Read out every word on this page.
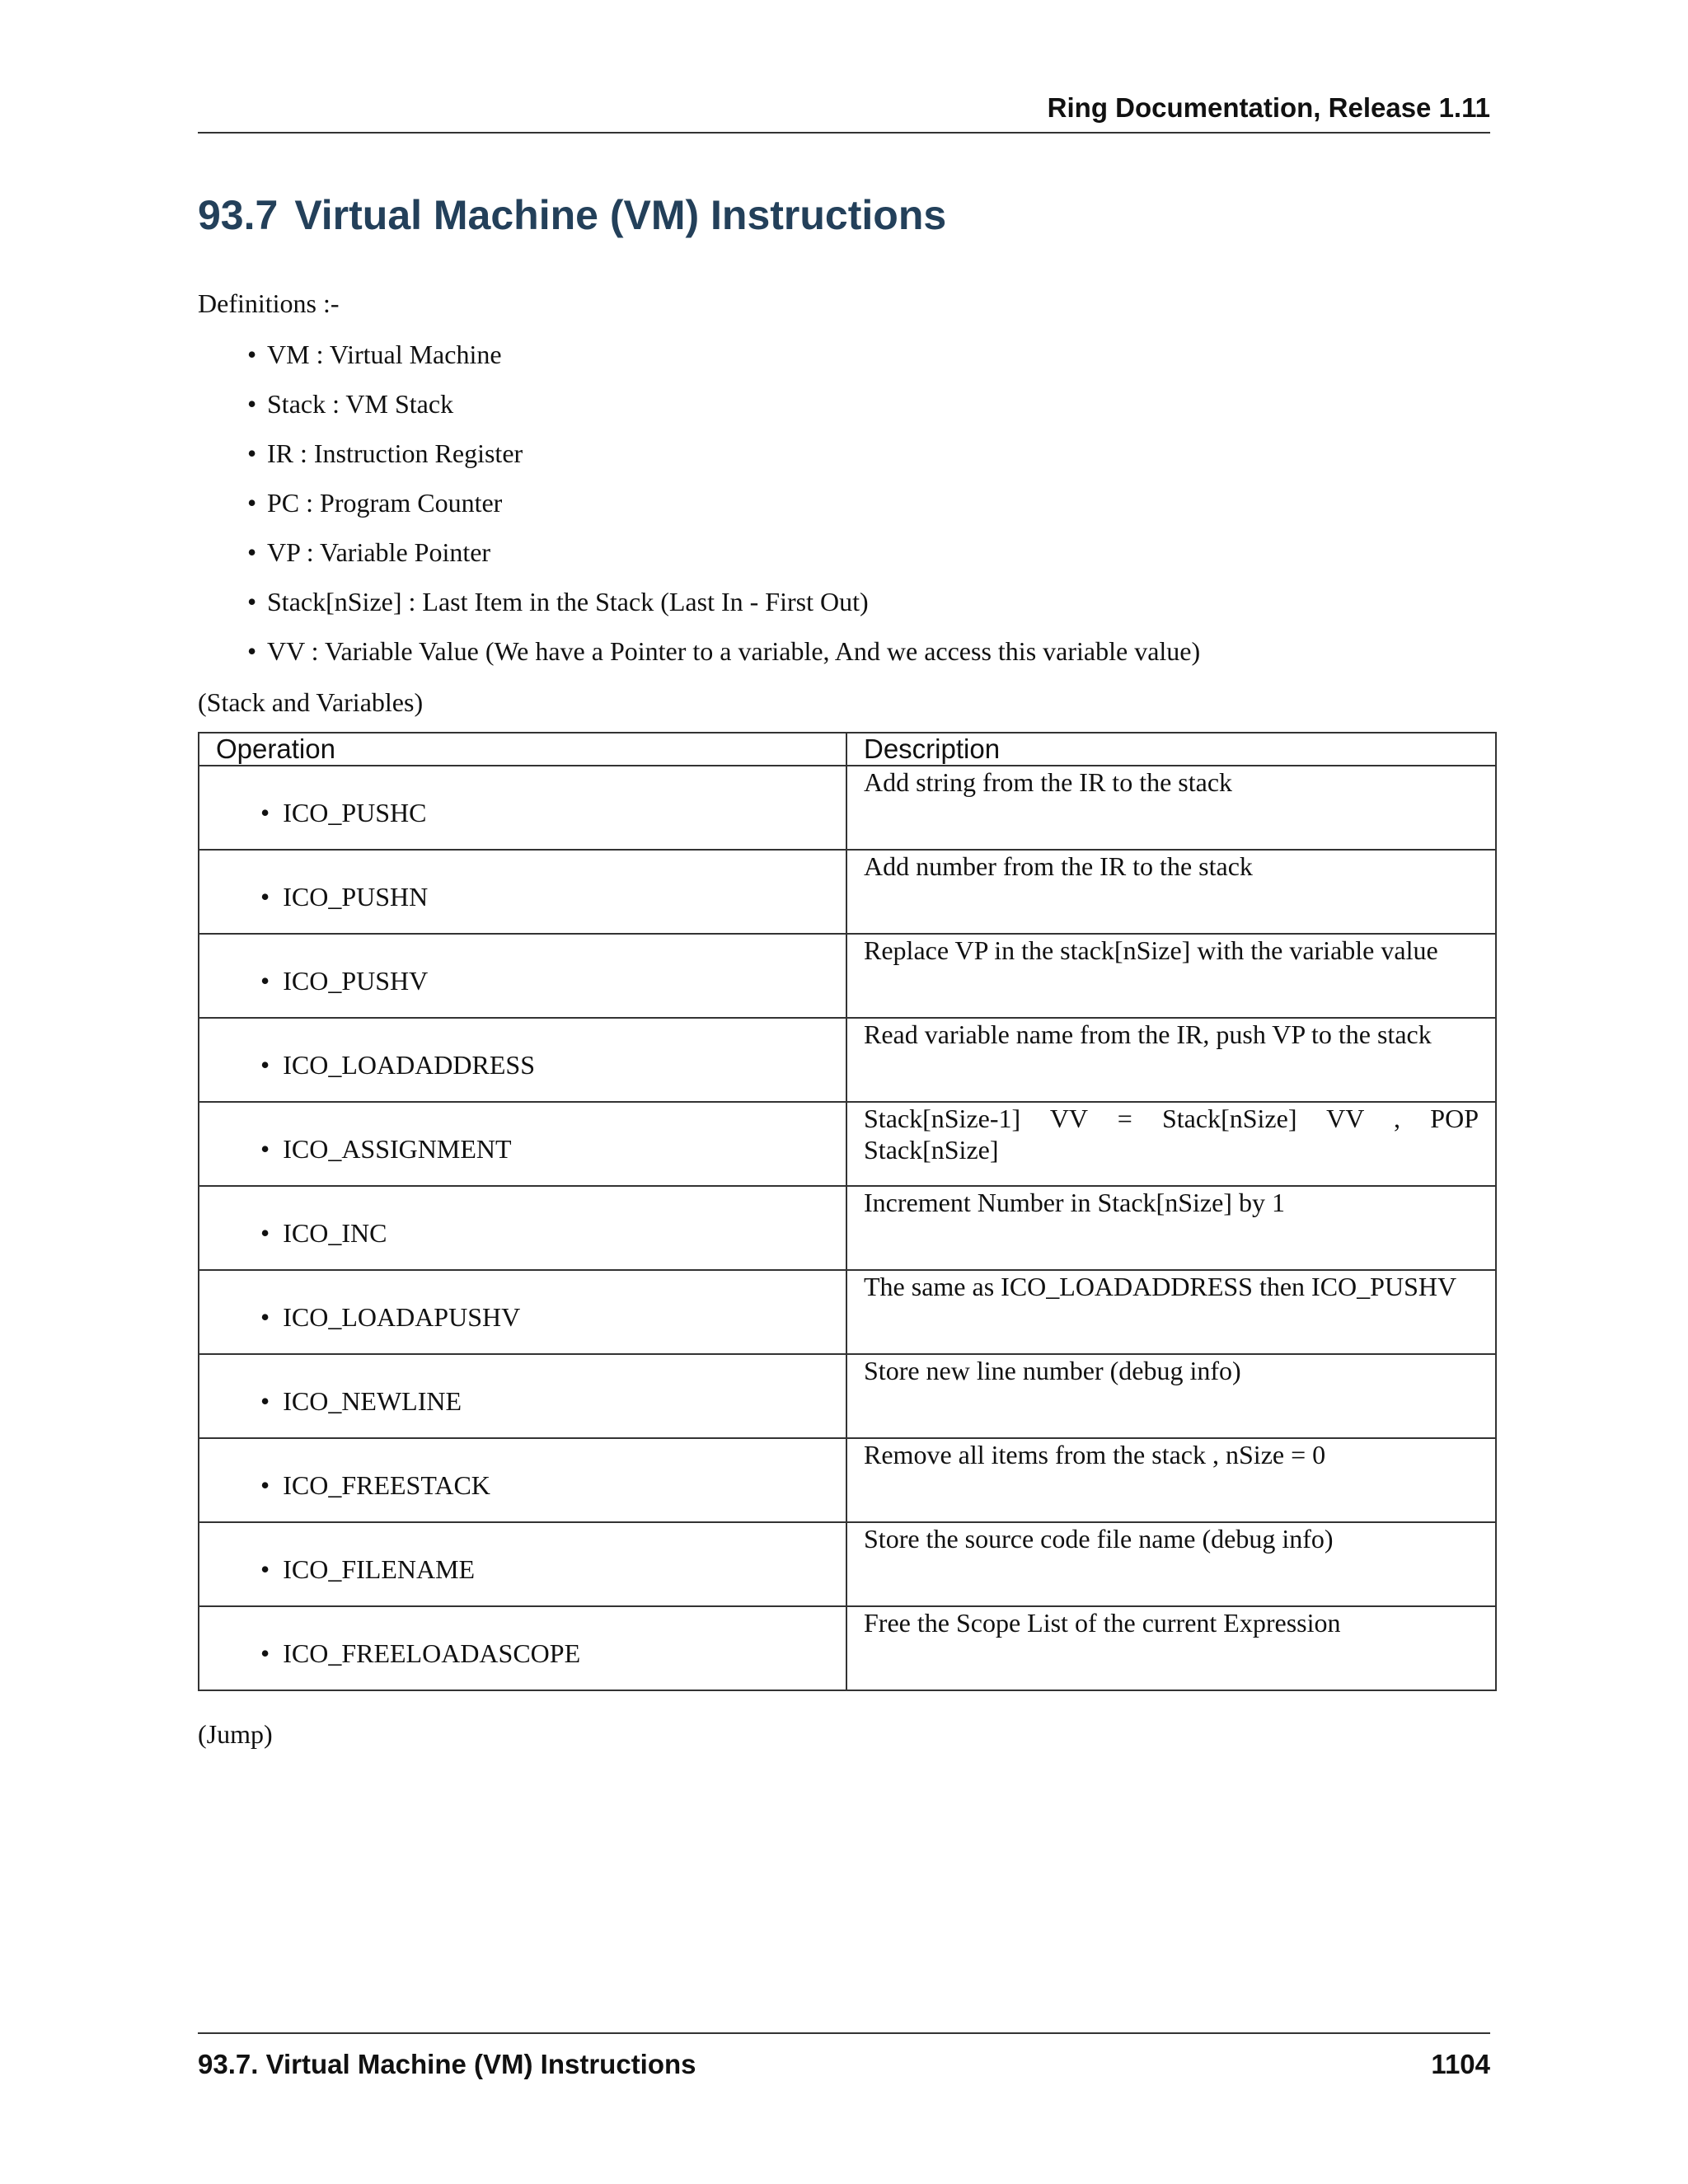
Ring Documentation, Release 1.11
93.7 Virtual Machine (VM) Instructions
Definitions :-
• VM : Virtual Machine
• Stack : VM Stack
• IR : Instruction Register
• PC : Program Counter
• VP : Variable Pointer
• Stack[nSize] : Last Item in the Stack (Last In - First Out)
• VV : Variable Value (We have a Pointer to a variable, And we access this variable value)
(Stack and Variables)
Operation	Description
• ICO_PUSHC	Add string from the IR to the stack

• ICO_PUSHN	Add number from the IR to the stack

• ICO_PUSHV	Replace VP in the stack[nSize] with the variable value

• ICO_LOADADDRESS	Read variable name from the IR, push VP to the stack

• ICO_ASSIGNMENT	Stack[nSize-1] VV = Stack[nSize] VV , POP Stack[nSize]

• ICO_INC	Increment Number in Stack[nSize] by 1

• ICO_LOADAPUSHV	The same as ICO_LOADADDRESS then ICO_PUSHV

• ICO_NEWLINE	Store new line number (debug info)

• ICO_FREESTACK	Remove all items from the stack , nSize = 0

• ICO_FILENAME	Store the source code file name (debug info)

• ICO_FREELOADASCOPE	Free the Scope List of the current Expression
(Jump)
93.7. Virtual Machine (VM) Instructions	1104
